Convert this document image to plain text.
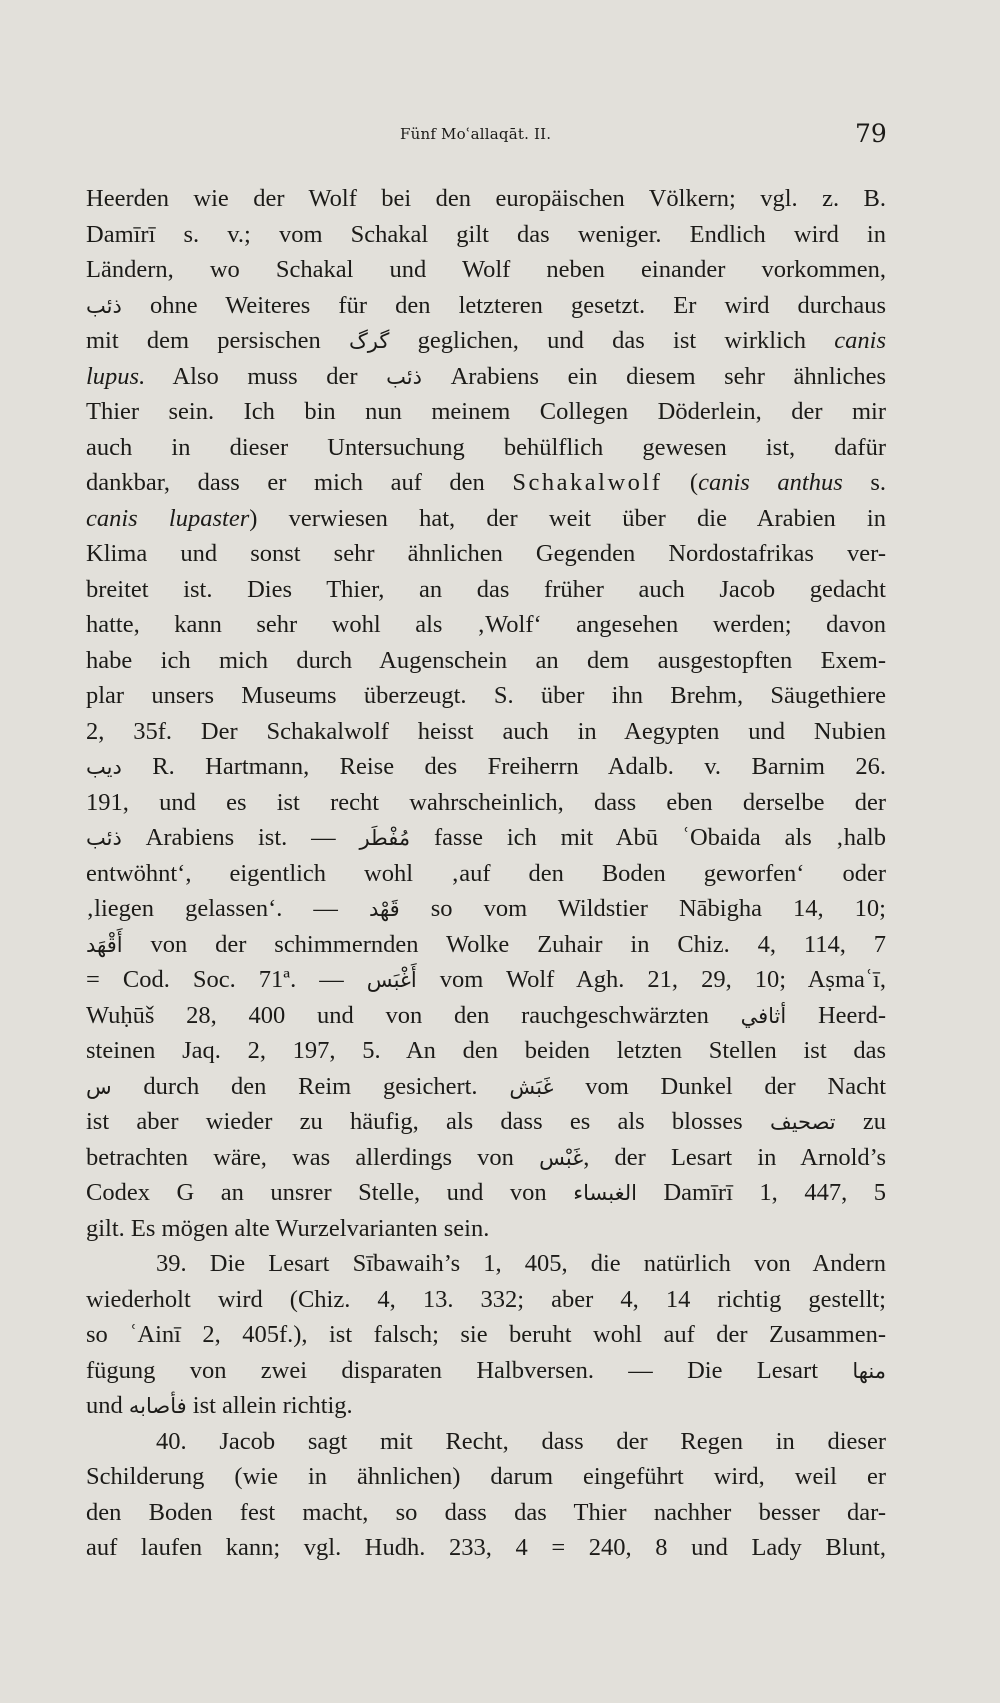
Fünf Moʿallaqāt. II.	79
Heerden wie der Wolf bei den europäischen Völkern; vgl. z. B.
Damīrī s. v.; vom Schakal gilt das weniger. Endlich wird in
Ländern, wo Schakal und Wolf neben einander vorkommen,
ذئب ohne Weiteres für den letzteren gesetzt. Er wird durchaus
mit dem persischen گرگ geglichen, und das ist wirklich canis
lupus. Also muss der ذئب Arabiens ein diesem sehr ähnliches
Thier sein. Ich bin nun meinem Collegen Döderlein, der mir
auch in dieser Untersuchung behülflich gewesen ist, dafür
dankbar, dass er mich auf den Schakalwolf (canis anthus s.
canis lupaster) verwiesen hat, der weit über die Arabien in
Klima und sonst sehr ähnlichen Gegenden Nordostafrikas ver-
breitet ist. Dies Thier, an das früher auch Jacob gedacht
hatte, kann sehr wohl als ‚Wolf‘ angesehen werden; davon
habe ich mich durch Augenschein an dem ausgestopften Exem-
plar unsers Museums überzeugt. S. über ihn Brehm, Säugethiere
2, 35f. Der Schakalwolf heisst auch in Aegypten und Nubien
ديب R. Hartmann, Reise des Freiherrn Adalb. v. Barnim 26.
191, und es ist recht wahrscheinlich, dass eben derselbe der
ذئب Arabiens ist. — مُفْطَر fasse ich mit Abū ʿObaida als ‚halb
entwöhnt‘, eigentlich wohl ‚auf den Boden geworfen‘ oder
‚liegen gelassen‘. — قَهْد so vom Wildstier Nābigha 14, 10;
أَقْهَد von der schimmernden Wolke Zuhair in Chiz. 4, 114, 7
= Cod. Soc. 71ª. — أَغْبَس vom Wolf Agh. 21, 29, 10; Aṣmaʿī,
Wuḥūš 28, 400 und von den rauchgeschwärzten أثافي Heerd-
steinen Jaq. 2, 197, 5. An den beiden letzten Stellen ist das
س durch den Reim gesichert. غَبَش vom Dunkel der Nacht
ist aber wieder zu häufig, als dass es als blosses تصحيف zu
betrachten wäre, was allerdings von غَبْس, der Lesart in Arnold’s
Codex G an unsrer Stelle, und von الغبساء Damīrī 1, 447, 5
gilt. Es mögen alte Wurzelvarianten sein.
39. Die Lesart Sībawaih’s 1, 405, die natürlich von Andern
wiederholt wird (Chiz. 4, 13. 332; aber 4, 14 richtig gestellt;
so ʿAinī 2, 405f.), ist falsch; sie beruht wohl auf der Zusammen-
fügung von zwei disparaten Halbversen. — Die Lesart منها
und فأصابه ist allein richtig.
40. Jacob sagt mit Recht, dass der Regen in dieser
Schilderung (wie in ähnlichen) darum eingeführt wird, weil er
den Boden fest macht, so dass das Thier nachher besser dar-
auf laufen kann; vgl. Hudh. 233, 4 = 240, 8 und Lady Blunt,
